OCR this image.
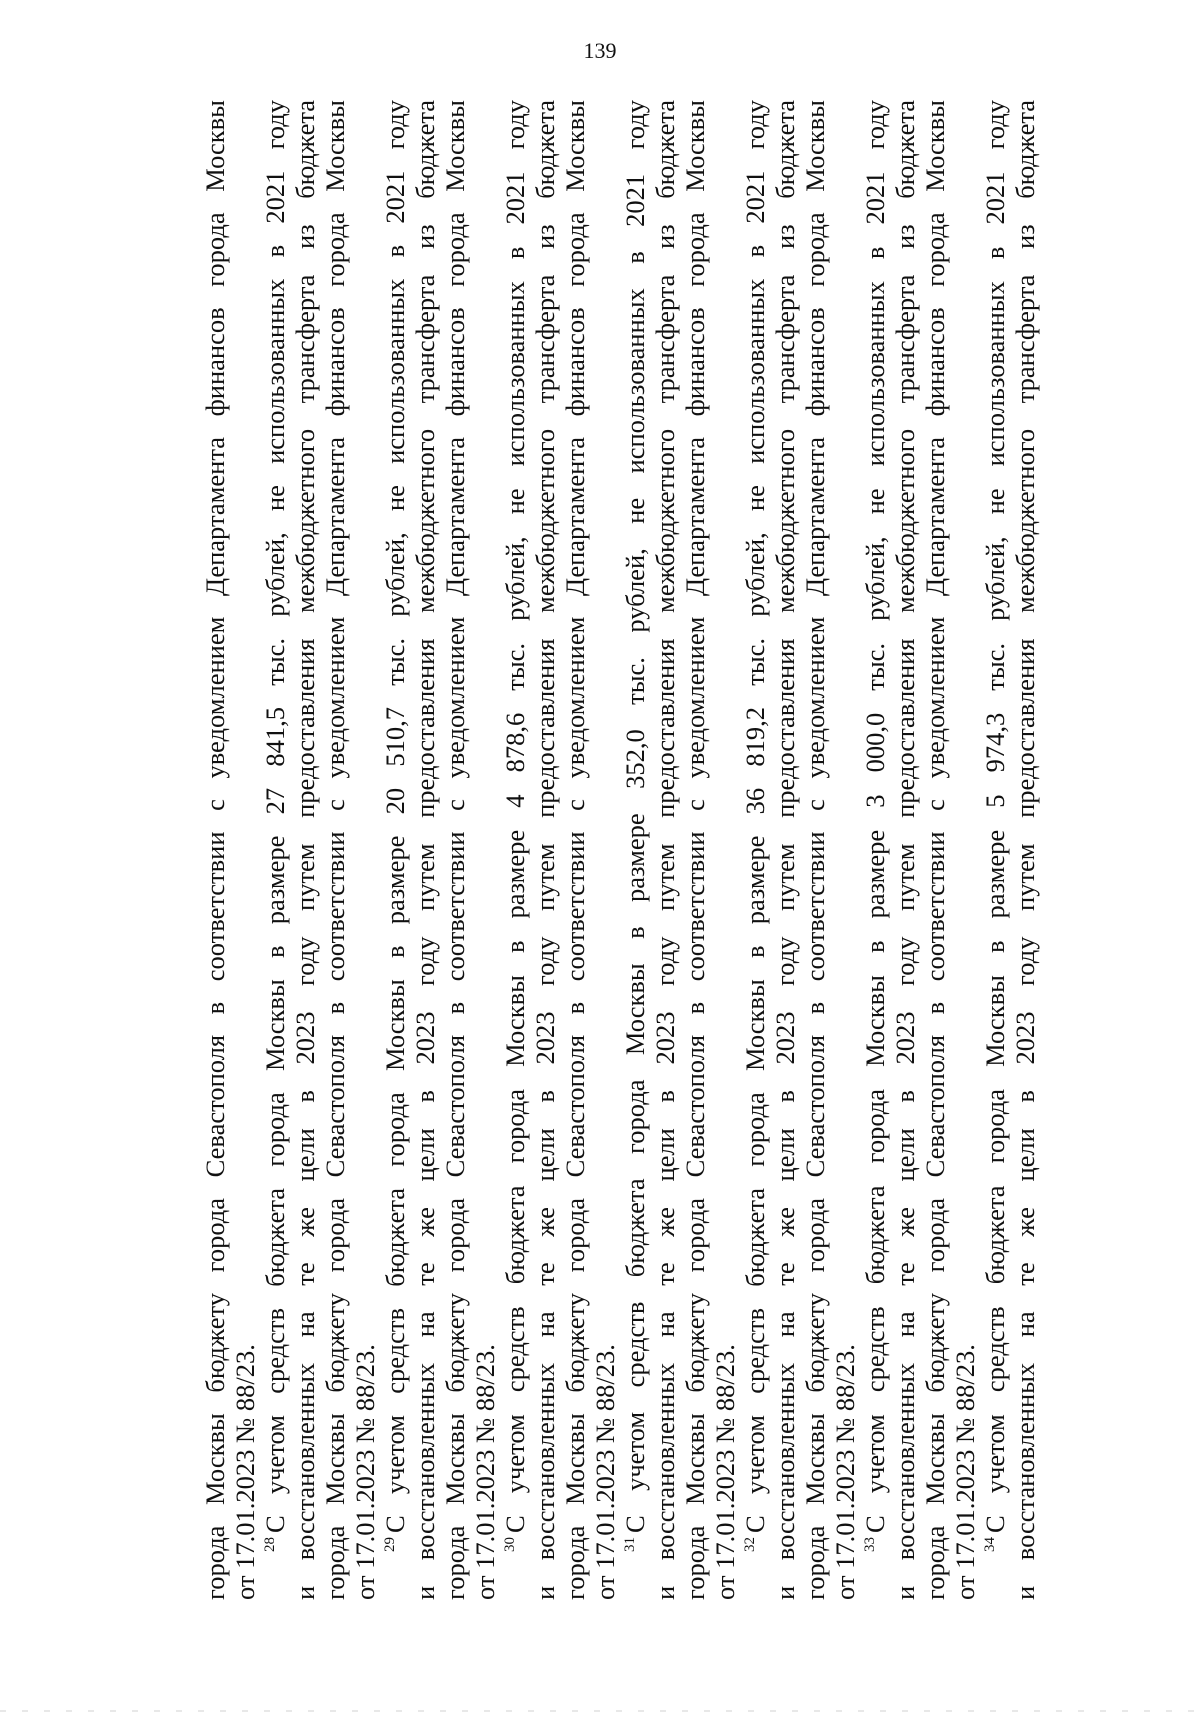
139
города Москвы бюджету города Севастополя в соответствии с уведомлением Департамента финансов города Москвы от 17.01.2023 № 88/23. $^{28}$С учетом средств бюджета города Москвы в размере 27 841,5 тыс. рублей, не использованных в 2021 году и восстановленных на те же цели в 2023 году путем предоставления межбюджетного трансферта из бюджета города Москвы бюджету города Севастополя в соответствии с уведомлением Департамента финансов города Москвы от 17.01.2023 № 88/23. $^{29}$С учетом средств бюджета города Москвы в размере 20 510,7 тыс. рублей, не использованных в 2021 году и восстановленных на те же цели в 2023 году путем предоставления межбюджетного трансферта из бюджета города Москвы бюджету города Севастополя в соответствии с уведомлением Департамента финансов города Москвы от 17.01.2023 № 88/23. $^{30}$С учетом средств бюджета города Москвы в размере 4 878,6 тыс. рублей, не использованных в 2021 году и восстановленных на те же цели в 2023 году путем предоставления межбюджетного трансферта из бюджета города Москвы бюджету города Севастополя в соответствии с уведомлением Департамента финансов города Москвы от 17.01.2023 № 88/23. $^{31}$С учетом средств бюджета города Москвы в размере 352,0 тыс. рублей, не использованных в 2021 году и восстановленных на те же цели в 2023 году путем предоставления межбюджетного трансферта из бюджета города Москвы бюджету города Севастополя в соответствии с уведомлением Департамента финансов города Москвы от 17.01.2023 № 88/23. $^{32}$С учетом средств бюджета города Москвы в размере 36 819,2 тыс. рублей, не использованных в 2021 году и восстановленных на те же цели в 2023 году путем предоставления межбюджетного трансферта из бюджета города Москвы бюджету города Севастополя в соответствии с уведомлением Департамента финансов города Москвы от 17.01.2023 № 88/23. $^{33}$С учетом средств бюджета города Москвы в размере 3 000,0 тыс. рублей, не использованных в 2021 году и восстановленных на те же цели в 2023 году путем предоставления межбюджетного трансферта из бюджета города Москвы бюджету города Севастополя в соответствии с уведомлением Департамента финансов города Москвы от 17.01.2023 № 88/23. $^{34}$С учетом средств бюджета города Москвы в размере 5 974,3 тыс. рублей, не использованных в 2021 году и восстановленных на те же цели в 2023 году путем предоставления межбюджетного трансферта из бюджета
